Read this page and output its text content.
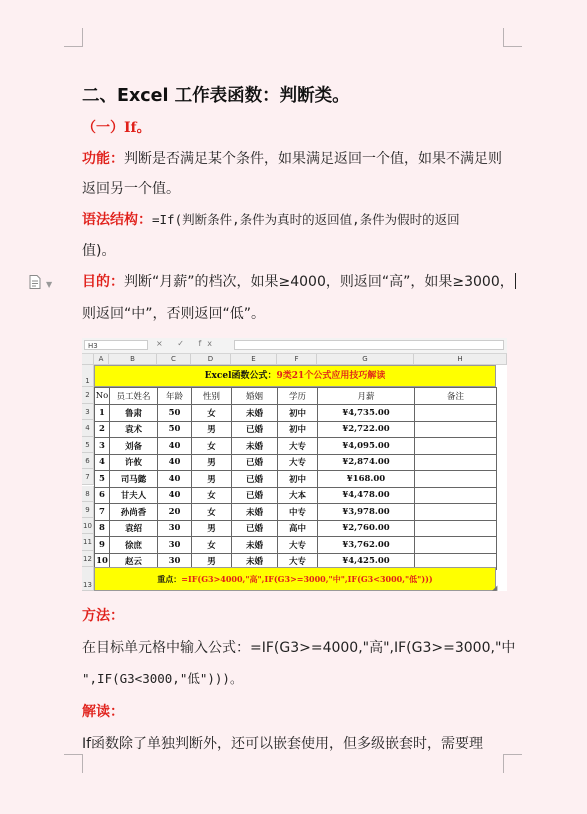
二、Excel 工作表函数：判断类。
（一）If。
功能：判断是否满足某个条件，如果满足返回一个值，如果不满足则
返回另一个值。
语法结构：=If(判断条件,条件为真时的返回值,条件为假时的返回
值)。
▼ 目的：判断“月薪”的档次，如果≥4000，则返回“高”，如果≥3000，
则返回“中”，否则返回“低”。
H3	× ✓ fx
A	B	C	D	E	F	G	H
1
2
3
4
5
6
7
8
9
10
11
12
13
Excel函数公式：9类21个公式应用技巧解读
No	员工姓名	年龄	性别	婚姻	学历	月薪	备注
1	鲁肃	50	女	未婚	初中	¥4,735.00	
2	袁术	50	男	已婚	初中	¥2,722.00	
3	刘备	40	女	未婚	大专	¥4,095.00	
4	许攸	40	男	已婚	大专	¥2,874.00	
5	司马懿	40	男	已婚	初中	¥168.00	
6	甘夫人	40	女	已婚	大本	¥4,478.00	
7	孙尚香	20	女	未婚	中专	¥3,978.00	
8	袁绍	30	男	已婚	高中	¥2,760.00	
9	徐庶	30	女	未婚	大专	¥3,762.00	
10	赵云	30	男	未婚	大专	¥4,425.00	
重点：=IF(G3>4000,"高",IF(G3>=3000,"中",IF(G3<3000,"低")))
◢
方法：
在目标单元格中输入公式：=IF(G3>=4000,"高",IF(G3>=3000,"中
",IF(G3<3000,"低")))。
解读：
If函数除了单独判断外，还可以嵌套使用，但多级嵌套时，需要理
